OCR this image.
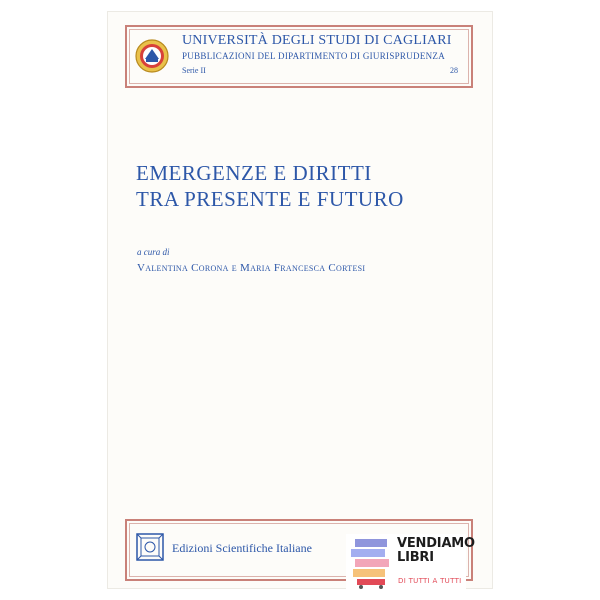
UNIVERSITÀ DEGLI STUDI DI CAGLIARI
PUBBLICAZIONI DEL DIPARTIMENTO DI GIURISPRUDENZA
Serie II	28
EMERGENZE E DIRITTI
TRA PRESENTE E FUTURO
a cura di
Valentina Corona e Maria Francesca Cortesi
Edizioni Scientifiche Italiane	VENDIAMO
LIBRI
DI TUTTI A TUTTI
